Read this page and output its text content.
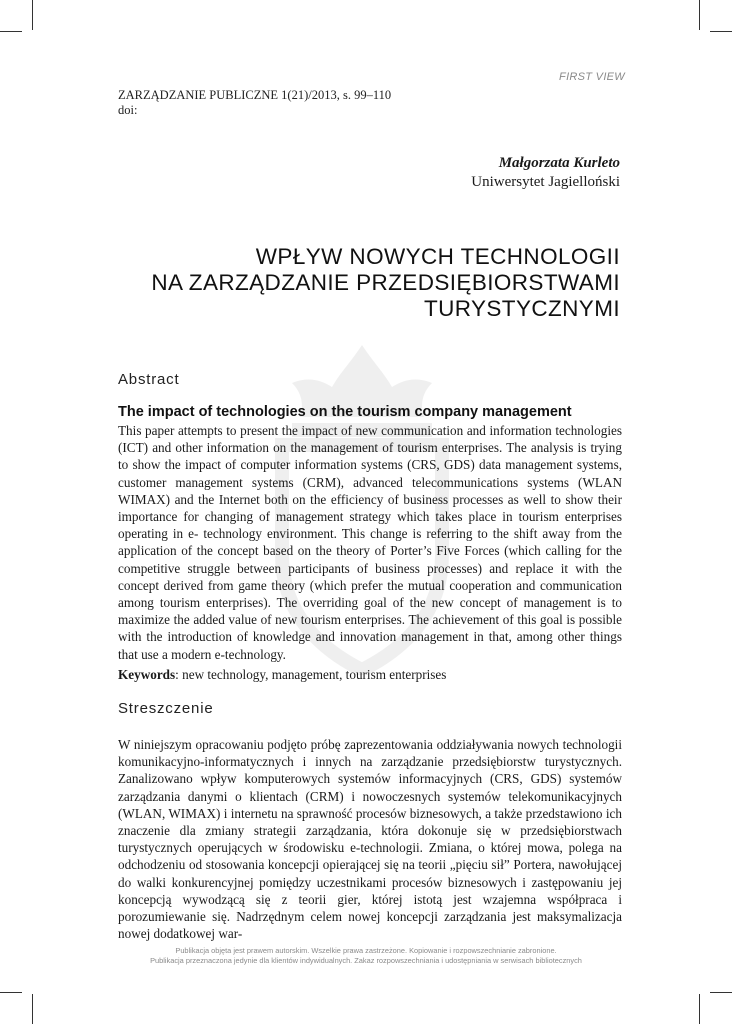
FIRST VIEW
ZARZĄDZANIE PUBLICZNE 1(21)/2013, s. 99–110
doi:
Małgorzata Kurleto
Uniwersytet Jagielloński
WPŁYW NOWYCH TECHNOLOGII
NA ZARZĄDZANIE PRZEDSIĘBIORSTWAMI
TURYSTYCZNYMI
Abstract
The impact of technologies on the tourism company management
This paper attempts to present the impact of new communication and information technologies (ICT) and other information on the management of tourism enterprises. The analysis is trying to show the impact of computer information systems (CRS, GDS) data management systems, customer management systems (CRM), advanced telecommunications systems (WLAN WIMAX) and the Internet both on the efficiency of business processes as well to show their importance for changing of management strategy which takes place in tourism enterprises operating in e- technology environment. This change is referring to the shift away from the application of the concept based on the theory of Porter’s Five Forces (which calling for the competitive struggle between participants of business processes) and replace it with the concept derived from game theory (which prefer the mutual cooperation and communication among tourism enterprises). The overriding goal of the new concept of management is to maximize the added value of new tourism enterprises. The achievement of this goal is possible with the introduction of knowledge and innovation management in that, among other things that use a modern e-technology.
Keywords: new technology, management, tourism enterprises
Streszczenie
W niniejszym opracowaniu podjęto próbę zaprezentowania oddziaływania nowych technologii komunikacyjno-informatycznych i innych na zarządzanie przedsiębiorstw turystycznych. Zanalizowano wpływ komputerowych systemów informacyjnych (CRS, GDS) systemów zarządzania danymi o klientach (CRM) i nowoczesnych systemów telekomunikacyjnych (WLAN, WIMAX) i internetu na sprawność procesów biznesowych, a także przedstawiono ich znaczenie dla zmiany strategii zarządzania, która dokonuje się w przedsiębiorstwach turystycznych operujących w środowisku e-technologii. Zmiana, o której mowa, polega na odchodzeniu od stosowania koncepcji opierającej się na teorii „pięciu sił” Portera, nawołującej do walki konkurencyjnej pomiędzy uczestnikami procesów biznesowych i zastępowaniu jej koncepcją wywodzącą się z teorii gier, której istotą jest wzajemna współpraca i porozumiewanie się. Nadrzędnym celem nowej koncepcji zarządzania jest maksymalizacja nowej dodatkowej war-
Publikacja objęta jest prawem autorskim. Wszelkie prawa zastrzeżone. Kopiowanie i rozpowszechnianie zabronione.
Publikacja przeznaczona jedynie dla klientów indywidualnych. Zakaz rozpowszechniania i udostępniania w serwisach bibliotecznych
